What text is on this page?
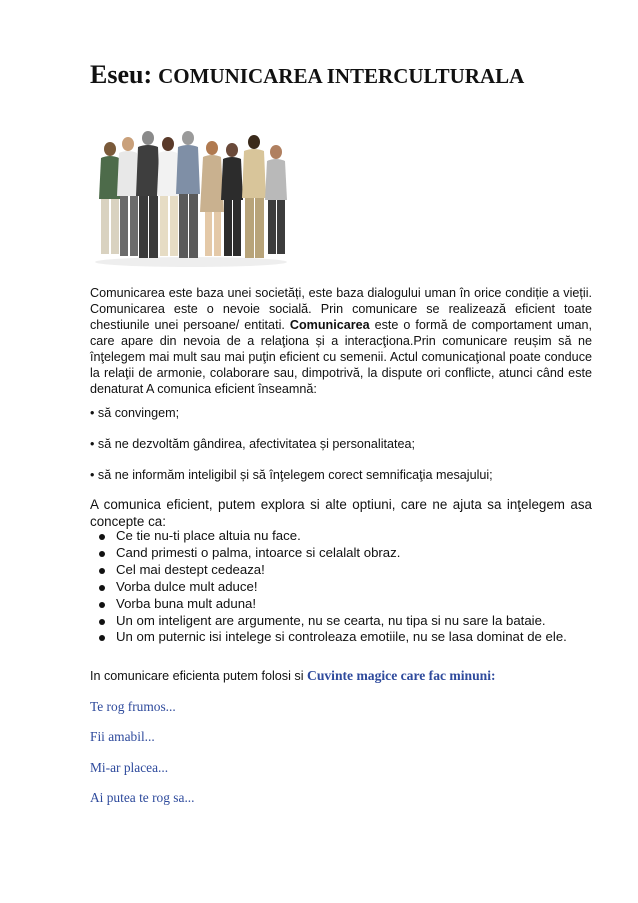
Eseu: COMUNICAREA INTERCULTURALA

Comunicarea este baza unei societăți, este baza dialogului uman în orice condiție a vieții. Comunicarea este o nevoie socială. Prin comunicare se realizează eficient toate chestiunile unei persoane/ entitati. Comunicarea este o formă de comportament uman, care apare din nevoia de a relaţiona și a interacţiona.Prin comunicare reușim să ne înţelegem mai mult sau mai puţin eficient cu semenii. Actul comunicaţional poate conduce la relaţii de armonie, colaborare sau, dimpotrivă, la dispute ori conflicte, atunci când este denaturat A comunica eficient înseamnă:

• să convingem;
• să ne dezvoltăm gândirea, afectivitatea și personalitatea;
• să ne informăm inteligibil și să înţelegem corect semnificaţia mesajului;

A comunica eficient, putem explora si alte optiuni, care ne ajuta sa inţelegem asa concepte ca:

Ce tie nu-ti place altuia nu face.
Cand primesti o palma, intoarce si celalalt obraz.
Cel mai destept cedeaza!
Vorba dulce mult aduce!
Vorba buna mult aduna!
Un om inteligent are argumente, nu se cearta, nu tipa si nu sare la bataie.
Un om puternic isi intelege si controleaza emotiile, nu se lasa dominat de ele.
In comunicare eficienta putem folosi si Cuvinte magice care fac minuni:
Te rog frumos...
Fii amabil...
Mi-ar placea...
Ai putea te rog sa...
